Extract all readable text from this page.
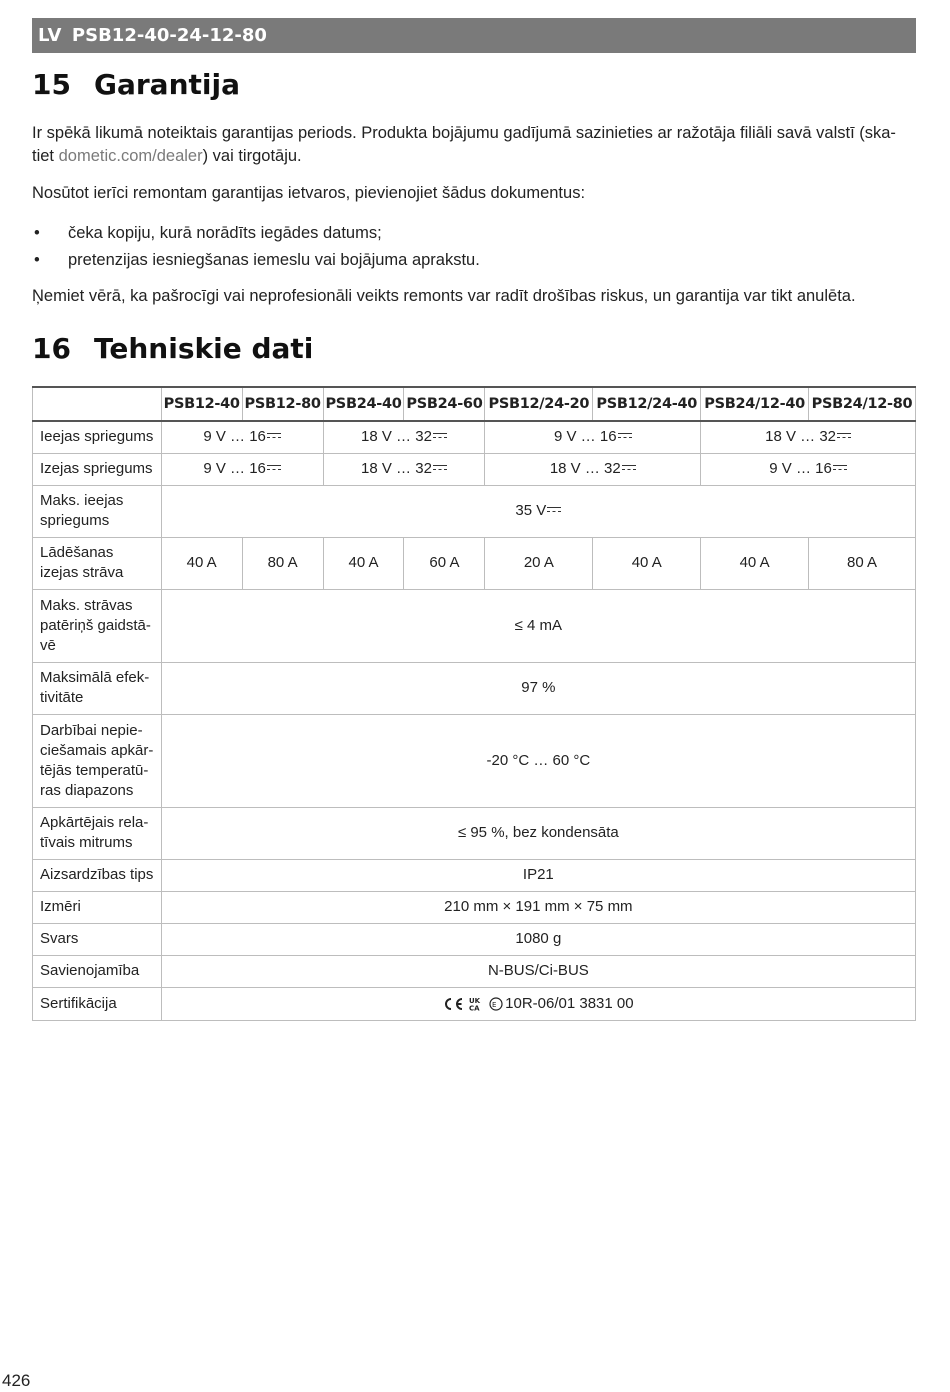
LV PSB12-40-24-12-80
15 Garantija

Ir spēkā likumā noteiktais garantijas periods. Produkta bojājumu gadījumā sazinieties ar ražotāja filiāli savā valstī (ska-tiet dometic.com/dealer) vai tirgotāju.

Nosūtot ierīci remontam garantijas ietvaros, pievienojiet šādus dokumentus:

•	čeka kopiju, kurā norādīts iegādes datums;
•	pretenzijas iesniegšanas iemeslu vai bojājuma aprakstu.

Ņemiet vērā, ka pašrocīgi vai neprofesionāli veikts remonts var radīt drošības riskus, un garantija var tikt anulēta.

16 Tehniskie dati
	PSB12-40	PSB12-80	PSB24-40	PSB24-60	PSB12/24-20	PSB12/24-40	PSB24/12-40	PSB24/12-80
Ieejas spriegums	9 V … 16		18 V … 32		9 V … 16		18 V … 32	
Izejas spriegums	9 V … 16		18 V … 32		18 V … 32		9 V … 16	
Maks. ieejas spriegums	35 V							
Lādēšanas izejas strāva	40 A	80 A	40 A	60 A	20 A	40 A	40 A	80 A
Maks. strāvas patēriņš gaidstā-vē	≤ 4 mA							
Maksimālā efek-tivitāte	97 %							
Darbībai nepie-ciešamais apkār-tējās temperatū-ras diapazons	-20 °C … 60 °C							
Apkārtējais rela-tīvais mitrums	≤ 95 %, bez kondensāta							
Aizsardzības tips	IP21							
Izmēri	210 mm × 191 mm × 75 mm							
Svars	1080 g							
Savienojamība	N-BUS/Ci-BUS							
Sertifikācija	UK
CA E 10R-06/01 3831 00							
426
